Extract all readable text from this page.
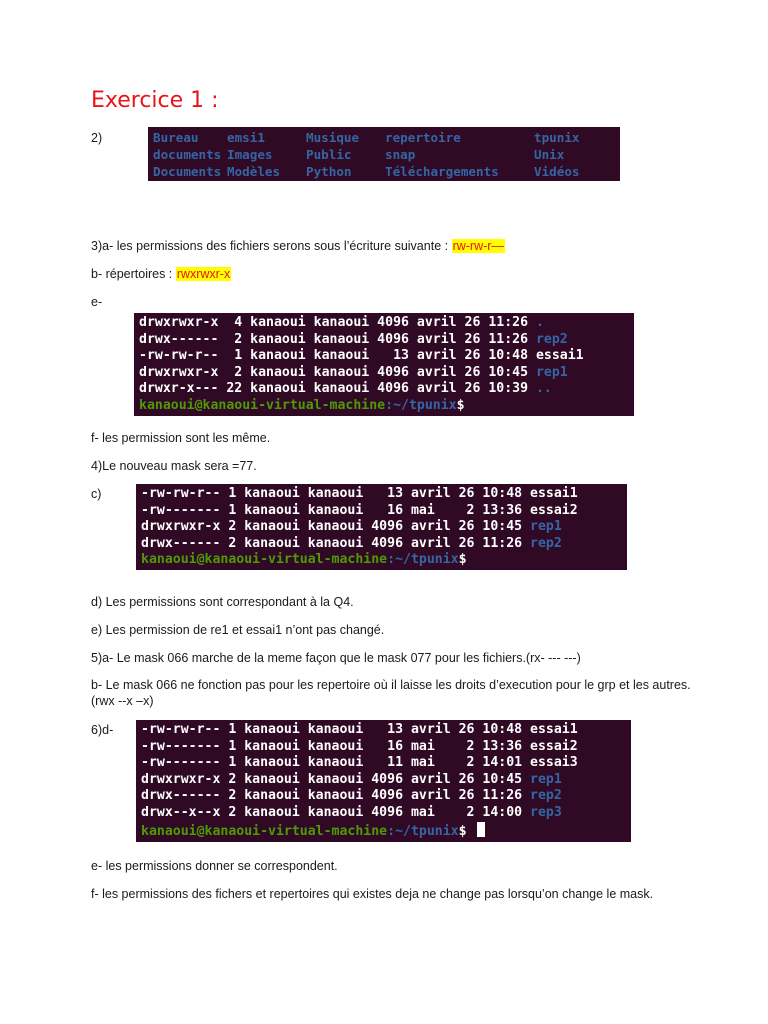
Exercice 1 :
2)	Bureau	emsi1	Musique	repertoire	tpunix
documents Images	Public	snap	Unix
Documents Modèles	Python	Téléchargements	Vidéos
3)a- les permissions des fichiers serons sous l’écriture suivante : rw-rw-r—
b- répertoires : rwxrwxr-x
e-
drwxrwxr-x  4 kanaoui kanaoui 4096 avril 26 11:26 .
drwx------  2 kanaoui kanaoui 4096 avril 26 11:26 rep2
-rw-rw-r--  1 kanaoui kanaoui   13 avril 26 10:48 essai1
drwxrwxr-x  2 kanaoui kanaoui 4096 avril 26 10:45 rep1
drwxr-x--- 22 kanaoui kanaoui 4096 avril 26 10:39 ..
kanaoui@kanaoui-virtual-machine:~/tpunix$
f- les permission sont les même.
4)Le nouveau mask sera =77.
c)	-rw-rw-r-- 1 kanaoui kanaoui   13 avril 26 10:48 essai1
-rw------- 1 kanaoui kanaoui   16 mai    2 13:36 essai2
drwxrwxr-x 2 kanaoui kanaoui 4096 avril 26 10:45 rep1
drwx------ 2 kanaoui kanaoui 4096 avril 26 11:26 rep2
kanaoui@kanaoui-virtual-machine:~/tpunix$
d) Les permissions sont correspondant à la Q4.
e) Les permission de re1 et essai1 n’ont pas changé.
5)a- Le mask 066 marche de la meme façon que le mask 077 pour les fichiers.(rx- --- ---)
b- Le mask 066 ne fonction pas pour les repertoire où il laisse les droits d’execution pour le grp et les autres.(rwx --x –x)
6)d- -rw-rw-r-- 1 kanaoui kanaoui   13 avril 26 10:48 essai1
-rw------- 1 kanaoui kanaoui   16 mai    2 13:36 essai2
-rw------- 1 kanaoui kanaoui   11 mai    2 14:01 essai3
drwxrwxr-x 2 kanaoui kanaoui 4096 avril 26 10:45 rep1
drwx------ 2 kanaoui kanaoui 4096 avril 26 11:26 rep2
drwx--x--x 2 kanaoui kanaoui 4096 mai    2 14:00 rep3
kanaoui@kanaoui-virtual-machine:~/tpunix$
e- les permissions donner se correspondent.
f- les permissions des fichers et repertoires qui existes deja ne change pas lorsqu’on change le mask.
